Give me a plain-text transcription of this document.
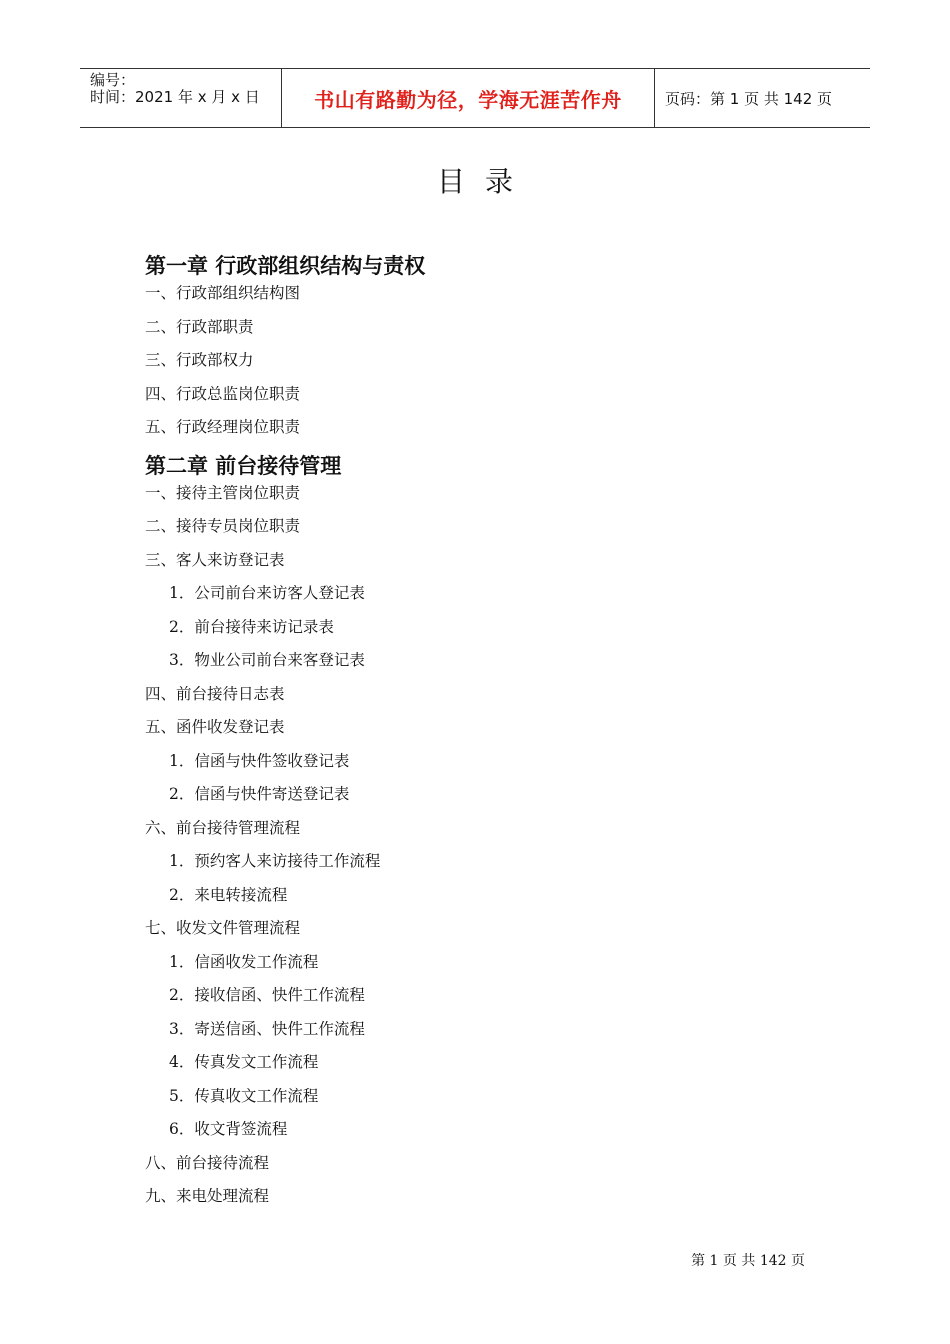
编号：
时间：2021 年 x 月 x 日	书山有路勤为径，学海无涯苦作舟	页码：第 1 页 共 142 页
目录
第一章 行政部组织结构与责权
一、行政部组织结构图
二、行政部职责
三、行政部权力
四、行政总监岗位职责
五、行政经理岗位职责
第二章 前台接待管理
一、接待主管岗位职责
二、接待专员岗位职责
三、客人来访登记表
1．公司前台来访客人登记表
2．前台接待来访记录表
3．物业公司前台来客登记表
四、前台接待日志表
五、函件收发登记表
1．信函与快件签收登记表
2．信函与快件寄送登记表
六、前台接待管理流程
1．预约客人来访接待工作流程
2．来电转接流程
七、收发文件管理流程
1．信函收发工作流程
2．接收信函、快件工作流程
3．寄送信函、快件工作流程
4．传真发文工作流程
5．传真收文工作流程
6．收文背签流程
八、前台接待流程
九、来电处理流程
第 1 页 共 142 页
